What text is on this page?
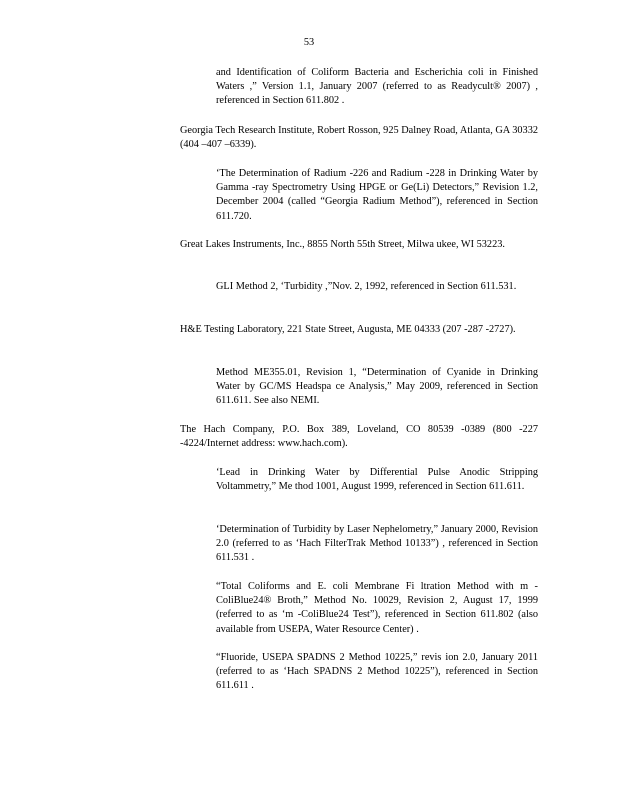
53

and Identification of Coliform Bacteria and Escherichia coli in Finished Waters ,” Version 1.1, January 2007 (referred to as Readycult® 2007) , referenced in Section 611.802 .

Georgia Tech Research Institute, Robert Rosson, 925 Dalney Road, Atlanta, GA 30332 (404 –407 –6339).

‘The Determination of Radium -226 and Radium -228 in Drinking Water by Gamma -ray Spectrometry Using HPGE or Ge(Li) Detectors,” Revision 1.2, December 2004 (called “Georgia Radium Method”), referenced in Section 611.720.

Great Lakes Instruments, Inc., 8855 North 55th Street, Milwa ukee, WI 53223.

GLI Method 2, ‘Turbidity ,”Nov. 2, 1992, referenced in Section 611.531.

H&E Testing Laboratory, 221 State Street, Augusta, ME 04333 (207 -287 -2727).

Method ME355.01, Revision 1, “Determination of Cyanide in Drinking Water by GC/MS Headspa ce Analysis,” May 2009, referenced in Section 611.611. See also NEMI.

The Hach Company, P.O. Box 389, Loveland, CO 80539 -0389 (800 -227 -4224/Internet address: www.hach.com).

‘Lead in Drinking Water by Differential Pulse Anodic Stripping Voltammetry,” Me thod 1001, August 1999, referenced in Section 611.611.

‘Determination of Turbidity by Laser Nephelometry,” January 2000, Revision 2.0 (referred to as ‘Hach FilterTrak Method 10133”) , referenced in Section 611.531 .

“Total Coliforms and E. coli Membrane Fi ltration Method with m - ColiBlue24® Broth,” Method No. 10029, Revision 2, August 17, 1999 (referred to as ‘m -ColiBlue24 Test”), referenced in Section 611.802 (also available from USEPA, Water Resource Center) .

“Fluoride, USEPA SPADNS 2 Method 10225,” revis ion 2.0, January 2011 (referred to as ‘Hach SPADNS 2 Method 10225”), referenced in Section 611.611 .
